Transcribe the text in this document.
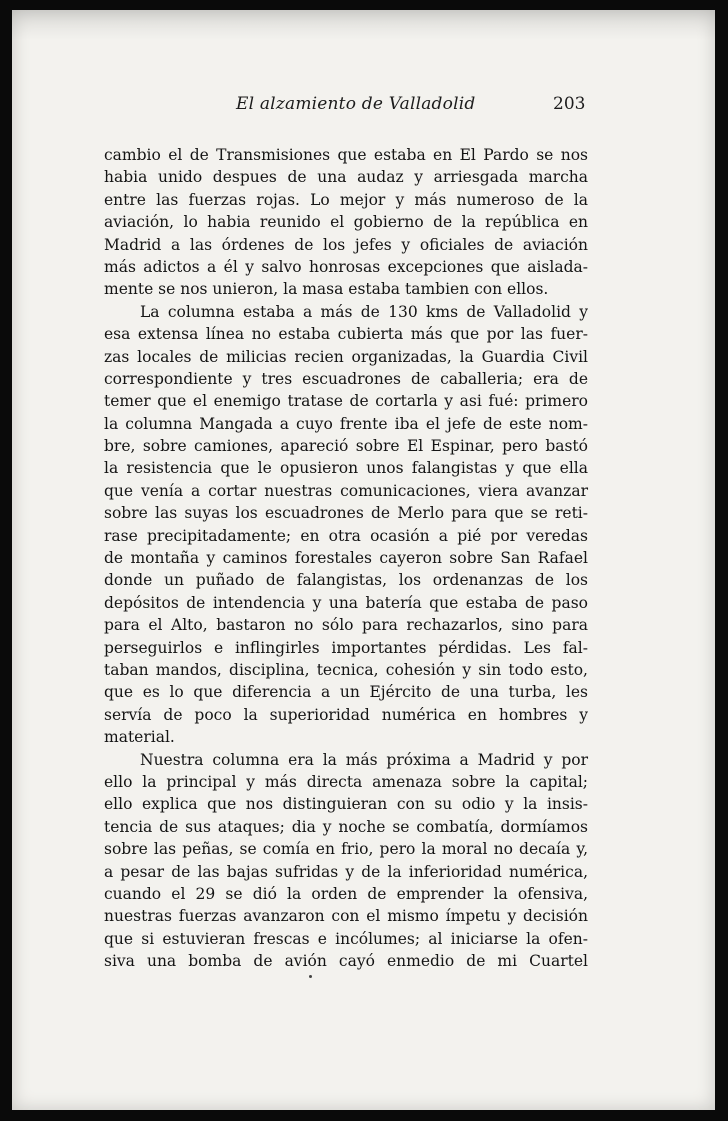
El alzamiento de Valladolid	203
cambio el de Transmisiones que estaba en El Pardo se nos
habia unido despues de una audaz y arriesgada marcha
entre las fuerzas rojas. Lo mejor y más numeroso de la
aviación, lo habia reunido el gobierno de la república en
Madrid a las órdenes de los jefes y oficiales de aviación
más adictos a él y salvo honrosas excepciones que aislada-
mente se nos unieron, la masa estaba tambien con ellos.
La columna estaba a más de 130 kms de Valladolid y
esa extensa línea no estaba cubierta más que por las fuer-
zas locales de milicias recien organizadas, la Guardia Civil
correspondiente y tres escuadrones de caballeria; era de
temer que el enemigo tratase de cortarla y asi fué: primero
la columna Mangada a cuyo frente iba el jefe de este nom-
bre, sobre camiones, apareció sobre El Espinar, pero bastó
la resistencia que le opusieron unos falangistas y que ella
que venía a cortar nuestras comunicaciones, viera avanzar
sobre las suyas los escuadrones de Merlo para que se reti-
rase precipitadamente; en otra ocasión a pié por veredas
de montaña y caminos forestales cayeron sobre San Rafael
donde un puñado de falangistas, los ordenanzas de los
depósitos de intendencia y una batería que estaba de paso
para el Alto, bastaron no sólo para rechazarlos, sino para
perseguirlos e inflingirles importantes pérdidas. Les fal-
taban mandos, disciplina, tecnica, cohesión y sin todo esto,
que es lo que diferencia a un Ejército de una turba, les
servía de poco la superioridad numérica en hombres y
material.
Nuestra columna era la más próxima a Madrid y por
ello la principal y más directa amenaza sobre la capital;
ello explica que nos distinguieran con su odio y la insis-
tencia de sus ataques; dia y noche se combatía, dormíamos
sobre las peñas, se comía en frio, pero la moral no decaía y,
a pesar de las bajas sufridas y de la inferioridad numérica,
cuando el 29 se dió la orden de emprender la ofensiva,
nuestras fuerzas avanzaron con el mismo ímpetu y decisión
que si estuvieran frescas e incólumes; al iniciarse la ofen-
siva una bomba de avión cayó enmedio de mi Cuartel
